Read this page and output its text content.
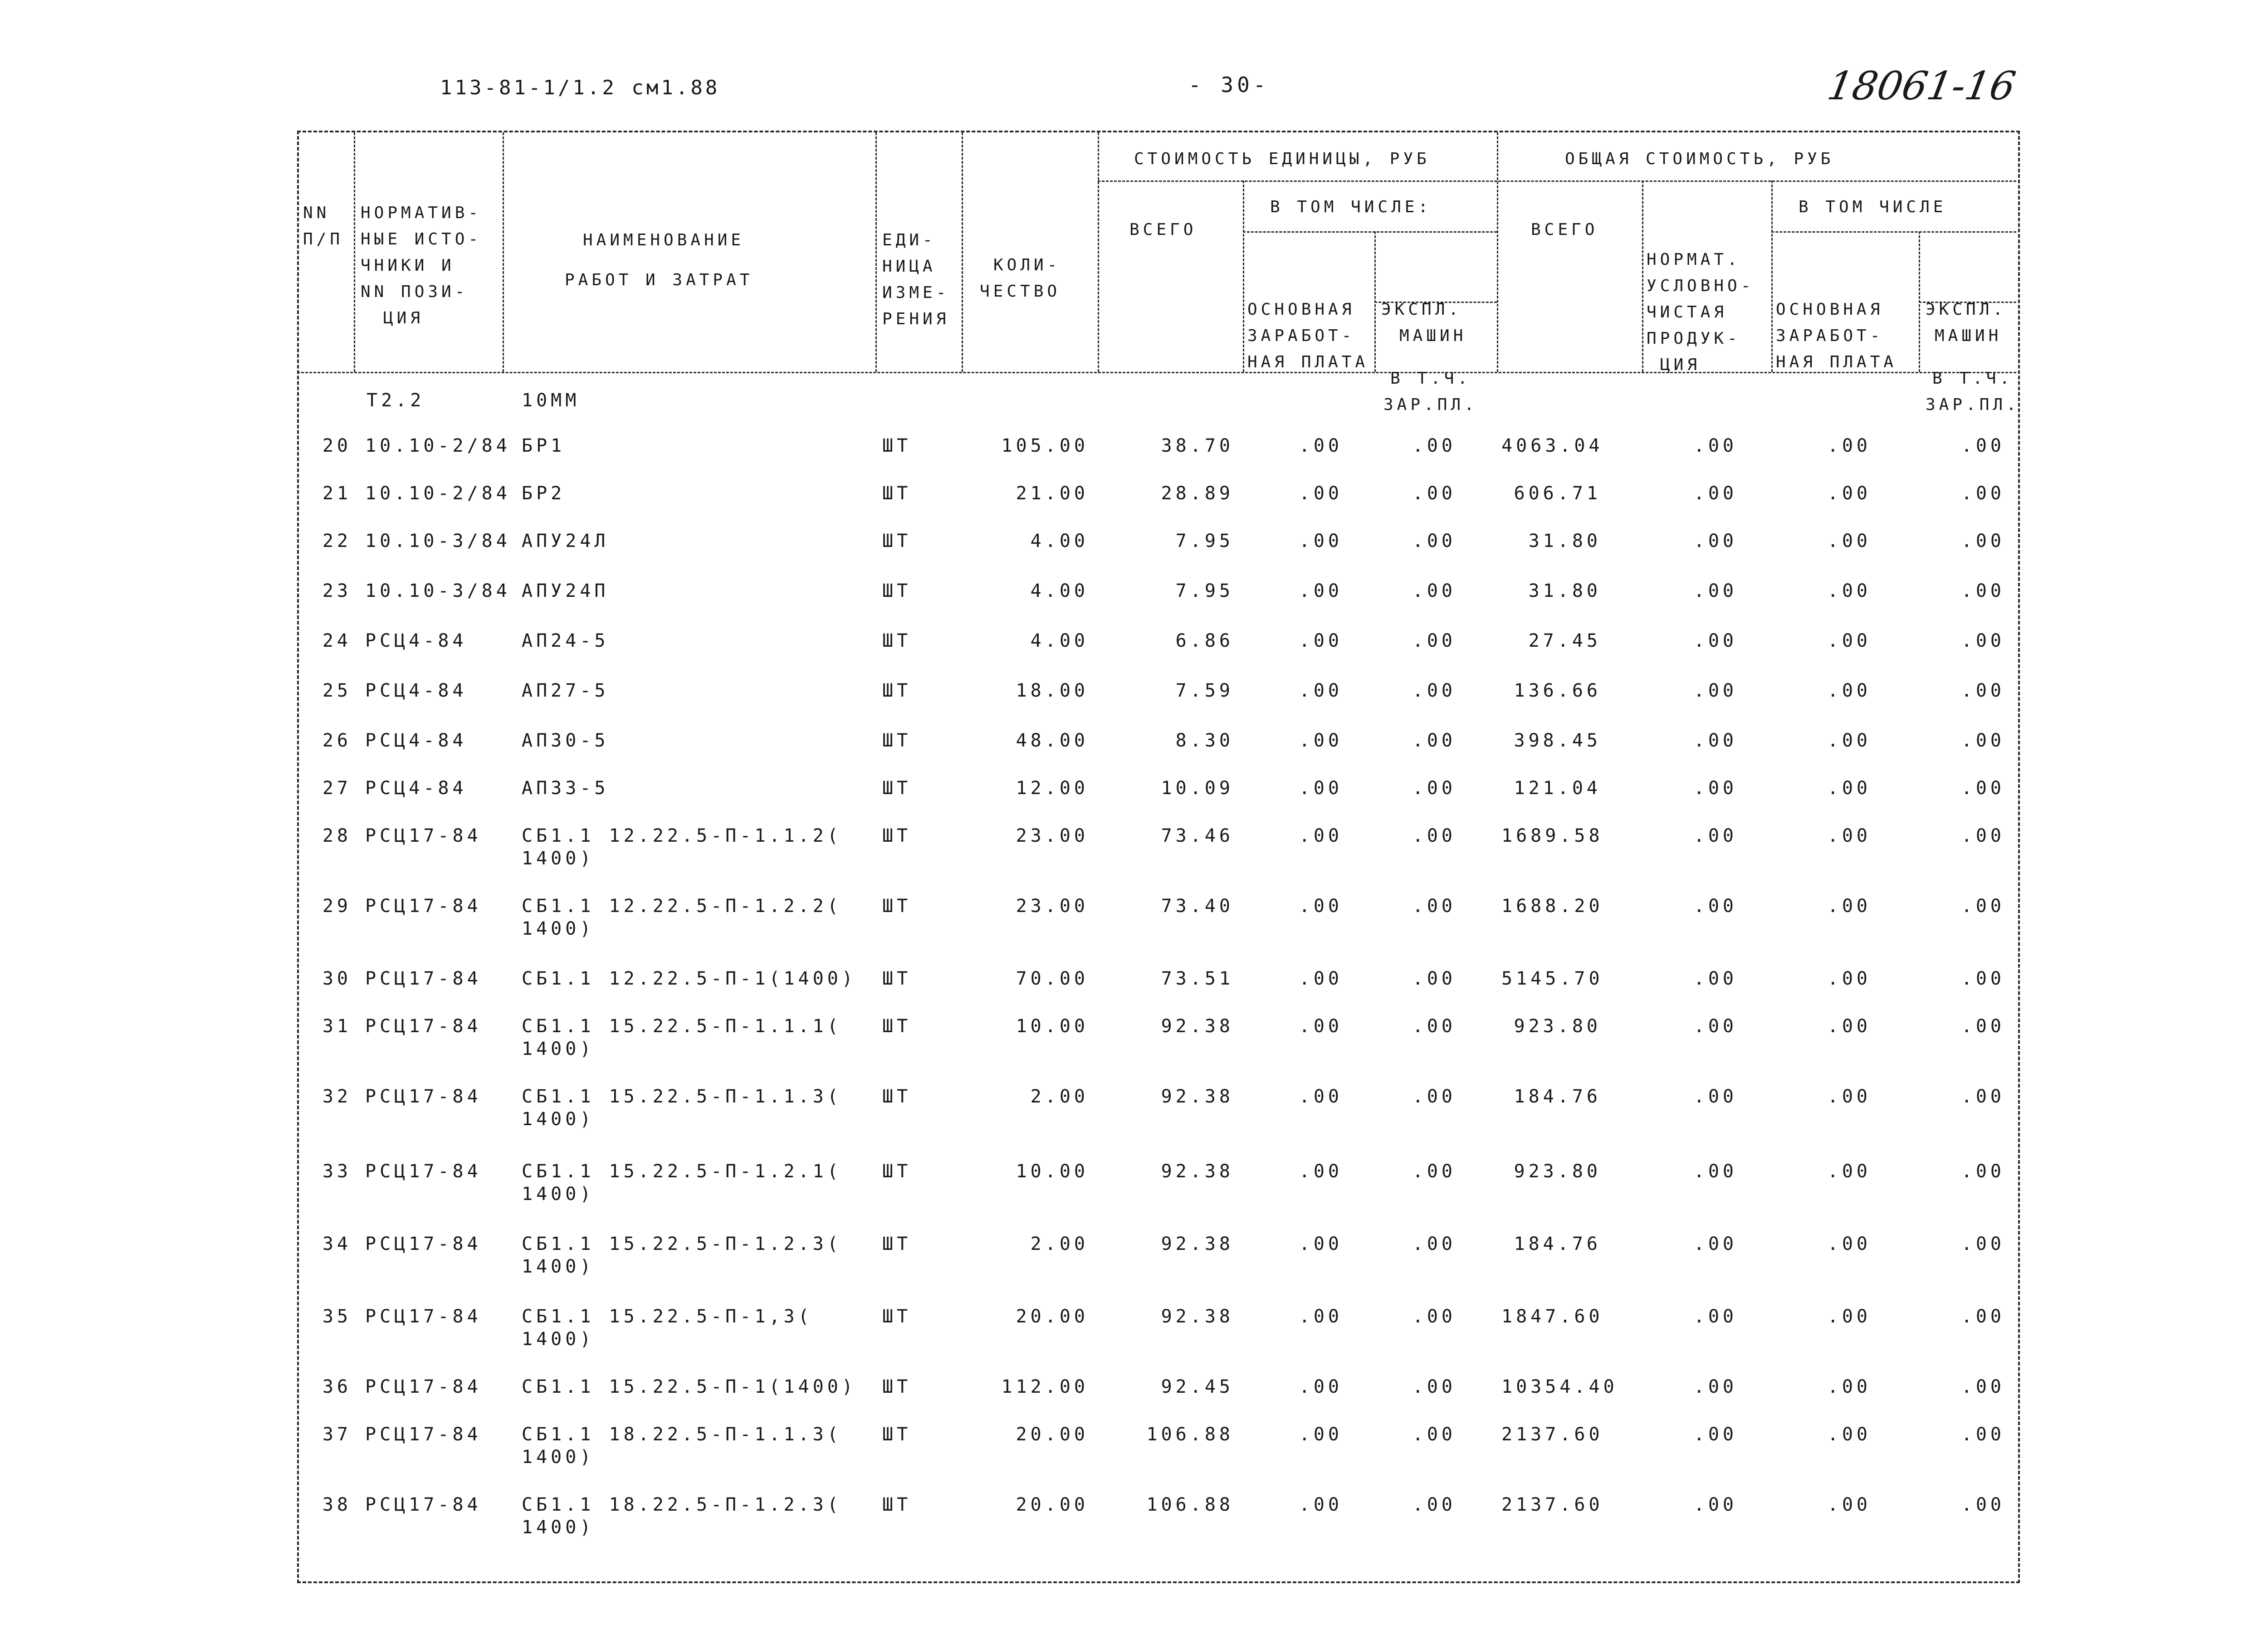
113-81-1/1.2 см1.88	- 30-	18061-16

NN
П/П

НОРМАТИВ-
НЫЕ ИСТО-
ЧНИКИ И
NN ПОЗИ-
ЦИЯ

НАИМЕНОВАНИЕ
РАБОТ И ЗАТРАТ

ЕДИ-
НИЦА
ИЗМЕ-
РЕНИЯ

КОЛИ-
ЧЕСТВО

СТОИМОСТЬ ЕДИНИЦЫ, РУБ	ОБЩАЯ СТОИМОСТЬ, РУБ
ВСЕГО
В ТОМ ЧИСЛЕ:

ОСНОВНАЯ
ЗАРАБОТ-
НАЯ ПЛАТА

ЭКСПЛ.
МАШИН

В Т.Ч.
ЗАР.ПЛ.

ВСЕГО

НОРМАТ.
УСЛОВНО-
ЧИСТАЯ
ПРОДУК-
ЦИЯ

В ТОМ ЧИСЛЕ

ОСНОВНАЯ
ЗАРАБОТ-
НАЯ ПЛАТА

ЭКСПЛ.
МАШИН

В Т.Ч.
ЗАР.ПЛ.

Т2.2	10ММ
20 10.10-2/84 БР1	ШТ	105.00	38.70	.00	.00	4063.04	.00	.00	.00
21 10.10-2/84 БР2	ШТ	21.00	28.89	.00	.00	606.71	.00	.00	.00
22 10.10-3/84 АПУ24Л	ШТ	4.00	7.95	.00	.00	31.80	.00	.00	.00
23 10.10-3/84 АПУ24П	ШТ	4.00	7.95	.00	.00	31.80	.00	.00	.00
24 РСЦ4-84	АП24-5	ШТ	4.00	6.86	.00	.00	27.45	.00	.00	.00
25 РСЦ4-84	АП27-5	ШТ	18.00	7.59	.00	.00	136.66	.00	.00	.00
26 РСЦ4-84	АП30-5	ШТ	48.00	8.30	.00	.00	398.45	.00	.00	.00
27 РСЦ4-84	АП33-5	ШТ	12.00	10.09	.00	.00	121.04	.00	.00	.00
28 РСЦ17-84	СБ1.1 12.22.5-П-1.1.2(	ШТ	23.00	73.46	.00	.00	1689.58	.00	.00	.00
1400)
29 РСЦ17-84	СБ1.1 12.22.5-П-1.2.2(	ШТ	23.00	73.40	.00	.00	1688.20	.00	.00	.00
1400)
30 РСЦ17-84	СБ1.1 12.22.5-П-1(1400)	ШТ	70.00	73.51	.00	.00	5145.70	.00	.00	.00
31 РСЦ17-84	СБ1.1 15.22.5-П-1.1.1(	ШТ	10.00	92.38	.00	.00	923.80	.00	.00	.00
1400)
32 РСЦ17-84	СБ1.1 15.22.5-П-1.1.3(	ШТ	2.00	92.38	.00	.00	184.76	.00	.00	.00
1400)
33 РСЦ17-84	СБ1.1 15.22.5-П-1.2.1(	ШТ	10.00	92.38	.00	.00	923.80	.00	.00	.00
1400)
34 РСЦ17-84	СБ1.1 15.22.5-П-1.2.3(	ШТ	2.00	92.38	.00	.00	184.76	.00	.00	.00
1400)
35 РСЦ17-84	СБ1.1 15.22.5-П-1,3(	ШТ	20.00	92.38	.00	.00	1847.60	.00	.00	.00
1400)
36 РСЦ17-84	СБ1.1 15.22.5-П-1(1400)	ШТ	112.00	92.45	.00	.00	10354.40	.00	.00	.00
37 РСЦ17-84	СБ1.1 18.22.5-П-1.1.3(	ШТ	20.00	106.88	.00	.00	2137.60	.00	.00	.00
1400)
38 РСЦ17-84	СБ1.1 18.22.5-П-1.2.3(	ШТ	20.00	106.88	.00	.00	2137.60	.00	.00	.00
1400)
